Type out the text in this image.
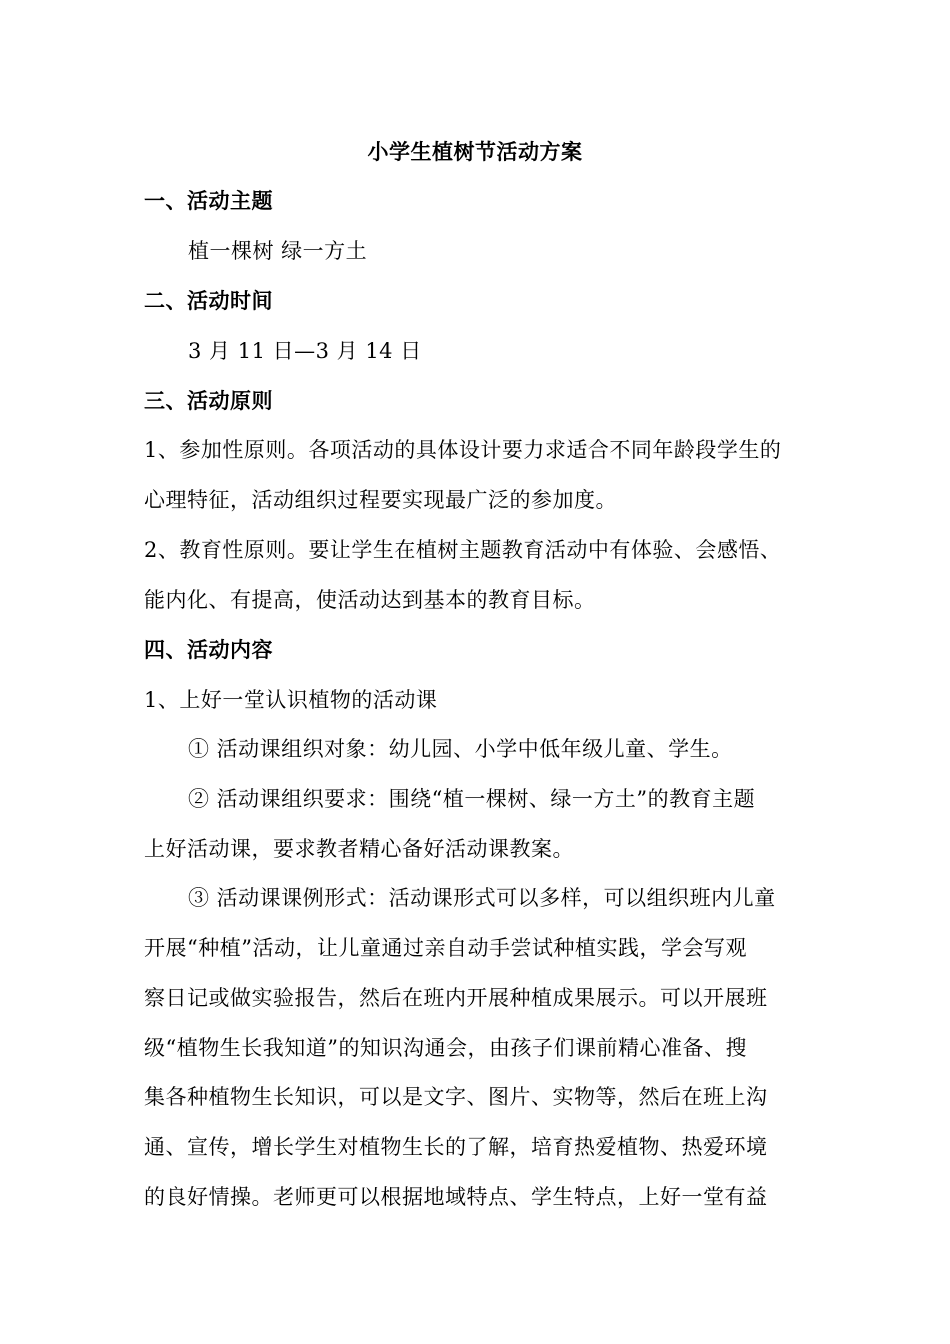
小学生植树节活动方案
一、活动主题
植一棵树 绿一方土
二、活动时间
3 月 11 日—3 月 14 日
三、活动原则
1、参加性原则。各项活动的具体设计要力求适合不同年龄段学生的
心理特征，活动组织过程要实现最广泛的参加度。
2、教育性原则。要让学生在植树主题教育活动中有体验、会感悟、
能内化、有提高，使活动达到基本的教育目标。
四、活动内容
1、上好一堂认识植物的活动课
① 活动课组织对象：幼儿园、小学中低年级儿童、学生。
② 活动课组织要求：围绕“植一棵树、绿一方土”的教育主题
上好活动课，要求教者精心备好活动课教案。
③ 活动课课例形式：活动课形式可以多样，可以组织班内儿童
开展“种植”活动，让儿童通过亲自动手尝试种植实践，学会写观
察日记或做实验报告，然后在班内开展种植成果展示。可以开展班
级“植物生长我知道”的知识沟通会，由孩子们课前精心准备、搜
集各种植物生长知识，可以是文字、图片、实物等，然后在班上沟
通、宣传，增长学生对植物生长的了解，培育热爱植物、热爱环境
的良好情操。老师更可以根据地域特点、学生特点，上好一堂有益
